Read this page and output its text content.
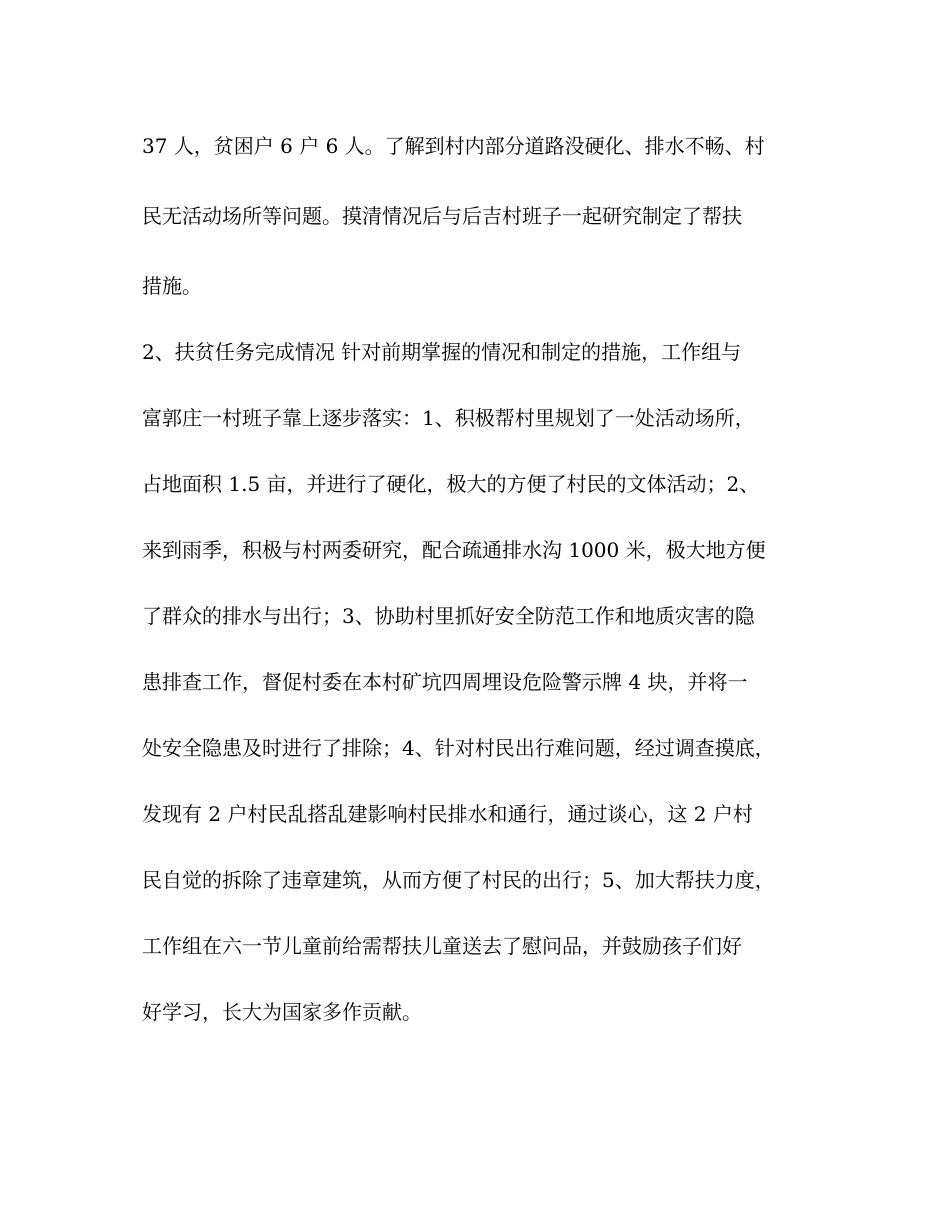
37 人，贫困户 6 户 6 人。了解到村内部分道路没硬化、排水不畅、村
民无活动场所等问题。摸清情况后与后吉村班子一起研究制定了帮扶
措施。
2、扶贫任务完成情况 针对前期掌握的情况和制定的措施，工作组与
富郭庄一村班子靠上逐步落实：1、积极帮村里规划了一处活动场所，
占地面积 1.5 亩，并进行了硬化，极大的方便了村民的文体活动；2、
来到雨季，积极与村两委研究，配合疏通排水沟 1000 米，极大地方便
了群众的排水与出行；3、协助村里抓好安全防范工作和地质灾害的隐
患排查工作，督促村委在本村矿坑四周埋设危险警示牌 4 块，并将一
处安全隐患及时进行了排除；4、针对村民出行难问题，经过调查摸底，
发现有 2 户村民乱搭乱建影响村民排水和通行，通过谈心，这 2 户村
民自觉的拆除了违章建筑，从而方便了村民的出行；5、加大帮扶力度，
工作组在六一节儿童前给需帮扶儿童送去了慰问品，并鼓励孩子们好
好学习，长大为国家多作贡献。
